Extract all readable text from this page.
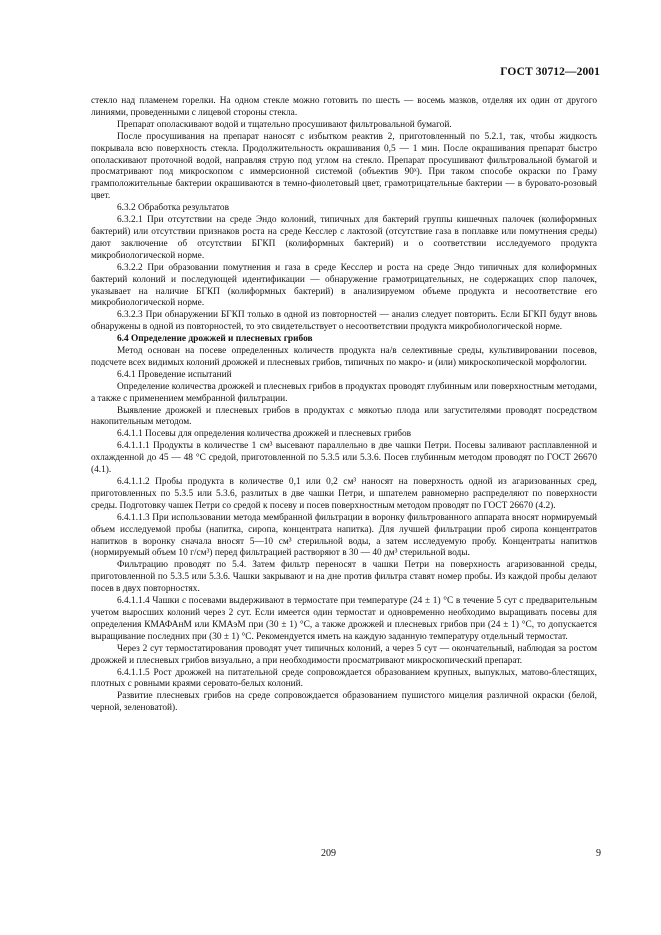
ГОСТ 30712—2001

стекло над пламенем горелки. На одном стекле можно готовить по шесть — восемь мазков, отделяя их один от другого линиями, проведенными с лицевой стороны стекла.

Препарат ополаскивают водой и тщательно просушивают фильтровальной бумагой.

После просушивания на препарат наносят с избытком реактив 2, приготовленный по 5.2.1, так, чтобы жидкость покрывала всю поверхность стекла. Продолжительность окрашивания 0,5 — 1 мин. После окрашивания препарат быстро ополаскивают проточной водой, направляя струю под углом на стекло. Препарат просушивают фильтровальной бумагой и просматривают под микроскопом с иммерсионной системой (объектив 90ˣ). При таком способе окраски по Граму грамположительные бактерии окрашиваются в темно-фиолетовый цвет, грамотрицательные бактерии — в буровато-розовый цвет.

6.3.2 Обработка результатов

6.3.2.1 При отсутствии на среде Эндо колоний, типичных для бактерий группы кишечных палочек (колиформных бактерий) или отсутствии признаков роста на среде Кесслер с лактозой (отсутствие газа в поплавке или помутнения среды) дают заключение об отсутствии БГКП (колиформных бактерий) и о соответствии исследуемого продукта микробиологической норме.

6.3.2.2 При образовании помутнения и газа в среде Кесслер и роста на среде Эндо типичных для колиформных бактерий колоний и последующей идентификации — обнаружение грамотрицательных, не содержащих спор палочек, указывает на наличие БГКП (колиформных бактерий) в анализируемом объеме продукта и несоответствие его микробиологической норме.

6.3.2.3 При обнаружении БГКП только в одной из повторностей — анализ следует повторить. Если БГКП будут вновь обнаружены в одной из повторностей, то это свидетельствует о несоответствии продукта микробиологической норме.

6.4 Определение дрожжей и плесневых грибов

Метод основан на посеве определенных количеств продукта на/в селективные среды, культивировании посевов, подсчете всех видимых колоний дрожжей и плесневых грибов, типичных по макро- и (или) микроскопической морфологии.

6.4.1 Проведение испытаний

Определение количества дрожжей и плесневых грибов в продуктах проводят глубинным или поверхностным методами, а также с применением мембранной фильтрации.

Выявление дрожжей и плесневых грибов в продуктах с мякотью плода или загустителями проводят посредством накопительным методом.

6.4.1.1 Посевы для определения количества дрожжей и плесневых грибов

6.4.1.1.1 Продукты в количестве 1 см³ высевают параллельно в две чашки Петри. Посевы заливают расплавленной и охлажденной до 45 — 48 °С средой, приготовленной по 5.3.5 или 5.3.6. Посев глубинным методом проводят по ГОСТ 26670 (4.1).

6.4.1.1.2 Пробы продукта в количестве 0,1 или 0,2 см³ наносят на поверхность одной из агаризованных сред, приготовленных по 5.3.5 или 5.3.6, разлитых в две чашки Петри, и шпателем равномерно распределяют по поверхности среды. Подготовку чашек Петри со средой к посеву и посев поверхностным методом проводят по ГОСТ 26670 (4.2).

6.4.1.1.3 При использовании метода мембранной фильтрации в воронку фильтрованного аппарата вносят нормируемый объем исследуемой пробы (напитка, сиропа, концентрата напитка). Для лучшей фильтрации проб сиропа концентратов напитков в воронку сначала вносят 5—10 см³ стерильной воды, а затем исследуемую пробу. Концентраты напитков (нормируемый объем 10 г/см³) перед фильтрацией растворяют в 30 — 40 дм³ стерильной воды.

Фильтрацию проводят по 5.4. Затем фильтр переносят в чашки Петри на поверхность агаризованной среды, приготовленной по 5.3.5 или 5.3.6. Чашки закрывают и на дне против фильтра ставят номер пробы. Из каждой пробы делают посев в двух повторностях.

6.4.1.1.4 Чашки с посевами выдерживают в термостате при температуре (24 ± 1) °С в течение 5 сут с предварительным учетом выросших колоний через 2 сут. Если имеется один термостат и одновременно необходимо выращивать посевы для определения КМАФАнМ или КМАэМ при (30 ± 1) °С, а также дрожжей и плесневых грибов при (24 ± 1) °С, то допускается выращивание последних при (30 ± 1) °С. Рекомендуется иметь на каждую заданную температуру отдельный термостат.

Через 2 сут термостатирования проводят учет типичных колоний, а через 5 сут — окончательный, наблюдая за ростом дрожжей и плесневых грибов визуально, а при необходимости просматривают микроскопический препарат.

6.4.1.1.5 Рост дрожжей на питательной среде сопровождается образованием крупных, выпуклых, матово-блестящих, плотных с ровными краями серовато-белых колоний.

Развитие плесневых грибов на среде сопровождается образованием пушистого мицелия различной окраски (белой, черной, зеленоватой).

209	9
